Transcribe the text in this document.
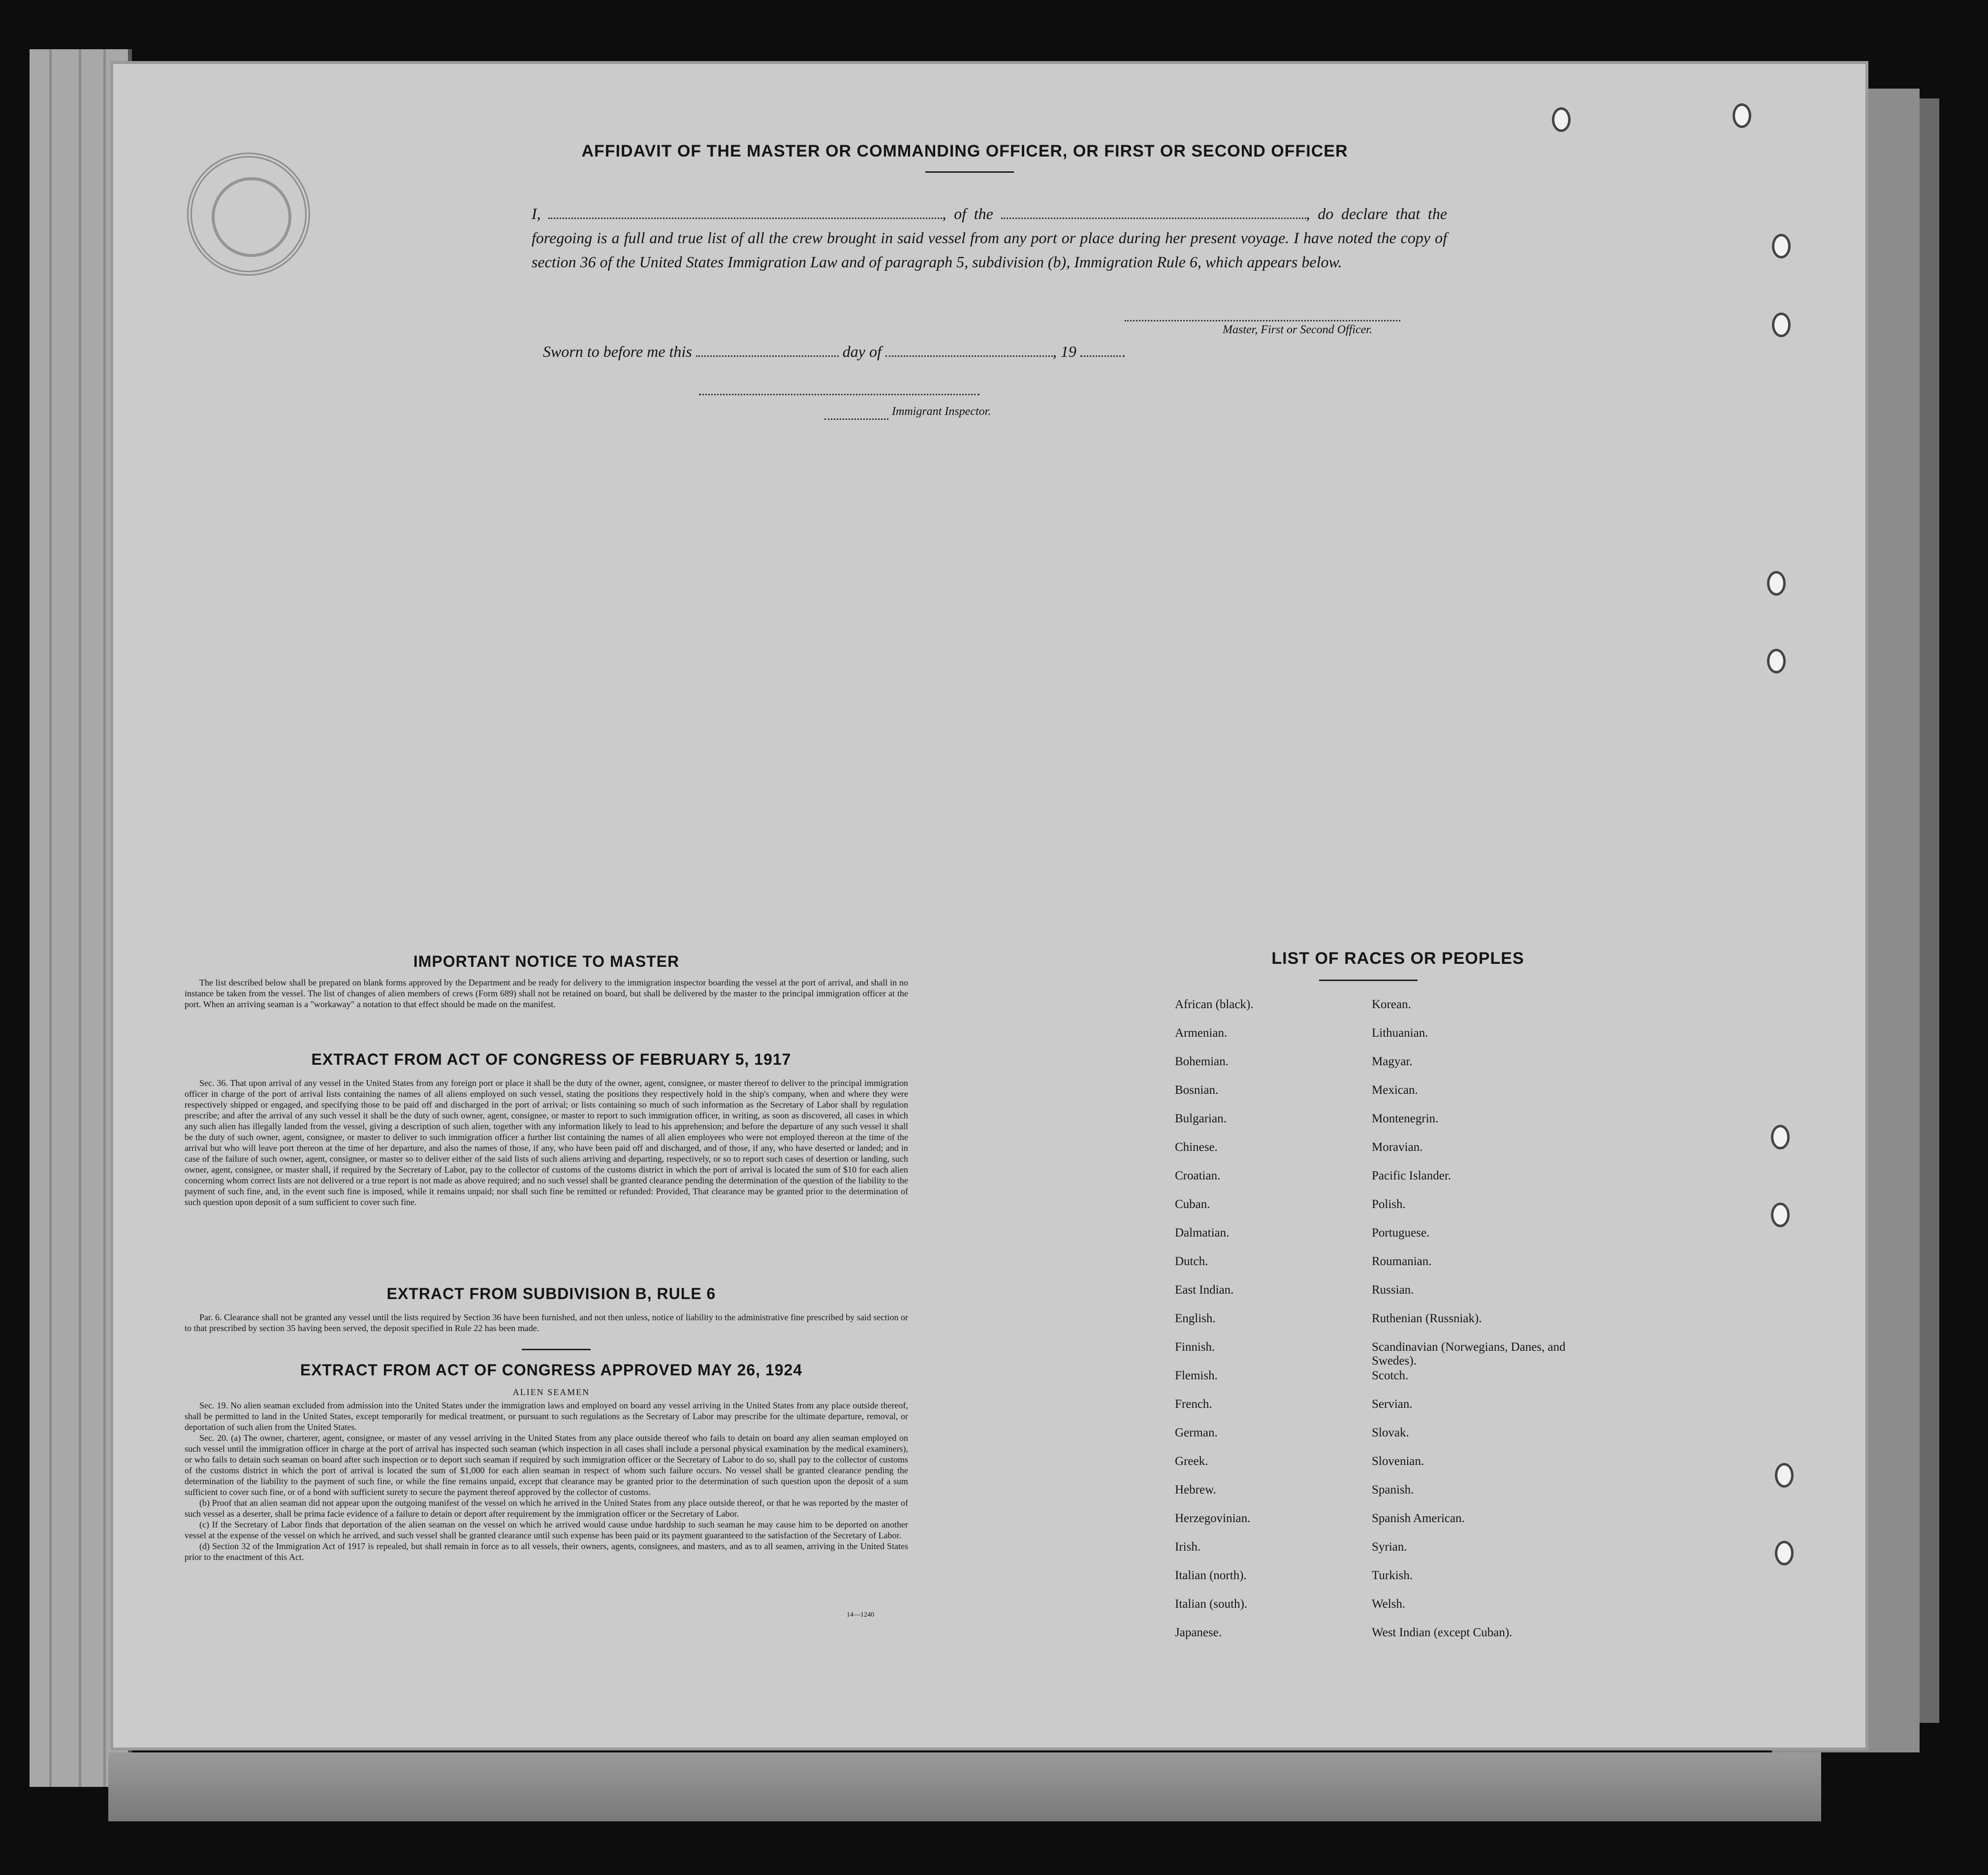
AFFIDAVIT OF THE MASTER OR COMMANDING OFFICER, OR FIRST OR SECOND OFFICER
I,	, of the	, do declare that the foregoing is a full and true list of all the crew brought in said vessel from any port or place during her present voyage. I have noted the copy of section 36 of the United States Immigration Law and of paragraph 5, subdivision (b), Immigration Rule 6, which appears below.
Master, First or Second Officer.
Sworn to before me this	day of	, 19
Immigrant Inspector.
IMPORTANT NOTICE TO MASTER

The list described below shall be prepared on blank forms approved by the Department and be ready for delivery to the immigration inspector boarding the vessel at the port of arrival, and shall in no instance be taken from the vessel. The list of changes of alien members of crews (Form 689) shall not be retained on board, but shall be delivered by the master to the principal immigration officer at the port. When an arriving seaman is a "workaway" a notation to that effect should be made on the manifest.

EXTRACT FROM ACT OF CONGRESS OF FEBRUARY 5, 1917

Sec. 36. That upon arrival of any vessel in the United States from any foreign port or place it shall be the duty of the owner, agent, consignee, or master thereof to deliver to the principal immigration officer in charge of the port of arrival lists containing the names of all aliens employed on such vessel, stating the positions they respectively hold in the ship's company, when and where they were respectively shipped or engaged, and specifying those to be paid off and discharged in the port of arrival; or lists containing so much of such information as the Secretary of Labor shall by regulation prescribe; and after the arrival of any such vessel it shall be the duty of such owner, agent, consignee, or master to report to such immigration officer, in writing, as soon as discovered, all cases in which any such alien has illegally landed from the vessel, giving a description of such alien, together with any information likely to lead to his apprehension; and before the departure of any such vessel it shall be the duty of such owner, agent, consignee, or master to deliver to such immigration officer a further list containing the names of all alien employees who were not employed thereon at the time of the arrival but who will leave port thereon at the time of her departure, and also the names of those, if any, who have been paid off and discharged, and of those, if any, who have deserted or landed; and in case of the failure of such owner, agent, consignee, or master so to deliver either of the said lists of such aliens arriving and departing, respectively, or so to report such cases of desertion or landing, such owner, agent, consignee, or master shall, if required by the Secretary of Labor, pay to the collector of customs of the customs district in which the port of arrival is located the sum of $10 for each alien concerning whom correct lists are not delivered or a true report is not made as above required; and no such vessel shall be granted clearance pending the determination of the question of the liability to the payment of such fine, and, in the event such fine is imposed, while it remains unpaid; nor shall such fine be remitted or refunded: Provided, That clearance may be granted prior to the determination of such question upon deposit of a sum sufficient to cover such fine.

EXTRACT FROM SUBDIVISION B, RULE 6

Par. 6. Clearance shall not be granted any vessel until the lists required by Section 36 have been furnished, and not then unless, notice of liability to the administrative fine prescribed by said section or to that prescribed by section 35 having been served, the deposit specified in Rule 22 has been made.

EXTRACT FROM ACT OF CONGRESS APPROVED MAY 26, 1924
ALIEN SEAMEN

Sec. 19. No alien seaman excluded from admission into the United States under the immigration laws and employed on board any vessel arriving in the United States from any place outside thereof, shall be permitted to land in the United States, except temporarily for medical treatment, or pursuant to such regulations as the Secretary of Labor may prescribe for the ultimate departure, removal, or deportation of such alien from the United States.

Sec. 20. (a) The owner, charterer, agent, consignee, or master of any vessel arriving in the United States from any place outside thereof who fails to detain on board any alien seaman employed on such vessel until the immigration officer in charge at the port of arrival has inspected such seaman (which inspection in all cases shall include a personal physical examination by the medical examiners), or who fails to detain such seaman on board after such inspection or to deport such seaman if required by such immigration officer or the Secretary of Labor to do so, shall pay to the collector of customs of the customs district in which the port of arrival is located the sum of $1,000 for each alien seaman in respect of whom such failure occurs. No vessel shall be granted clearance pending the determination of the liability to the payment of such fine, or while the fine remains unpaid, except that clearance may be granted prior to the determination of such question upon the deposit of a sum sufficient to cover such fine, or of a bond with sufficient surety to secure the payment thereof approved by the collector of customs.

(b) Proof that an alien seaman did not appear upon the outgoing manifest of the vessel on which he arrived in the United States from any place outside thereof, or that he was reported by the master of such vessel as a deserter, shall be prima facie evidence of a failure to detain or deport after requirement by the immigration officer or the Secretary of Labor.

(c) If the Secretary of Labor finds that deportation of the alien seaman on the vessel on which he arrived would cause undue hardship to such seaman he may cause him to be deported on another vessel at the expense of the vessel on which he arrived, and such vessel shall be granted clearance until such expense has been paid or its payment guaranteed to the satisfaction of the Secretary of Labor.

(d) Section 32 of the Immigration Act of 1917 is repealed, but shall remain in force as to all vessels, their owners, agents, consignees, and masters, and as to all seamen, arriving in the United States prior to the enactment of this Act.

14—1240
LIST OF RACES OR PEOPLES
African (black).
Armenian.
Bohemian.
Bosnian.
Bulgarian.
Chinese.
Croatian.
Cuban.
Dalmatian.
Dutch.
East Indian.
English.
Finnish.
Flemish.
French.
German.
Greek.
Hebrew.
Herzegovinian.
Irish.
Italian (north).
Italian (south).
Japanese.
Korean.
Lithuanian.
Magyar.
Mexican.
Montenegrin.
Moravian.
Pacific Islander.
Polish.
Portuguese.
Roumanian.
Russian.
Ruthenian (Russniak).
Scandinavian (Norwegians, Danes, and Swedes).
Scotch.
Servian.
Slovak.
Slovenian.
Spanish.
Spanish American.
Syrian.
Turkish.
Welsh.
West Indian (except Cuban).
